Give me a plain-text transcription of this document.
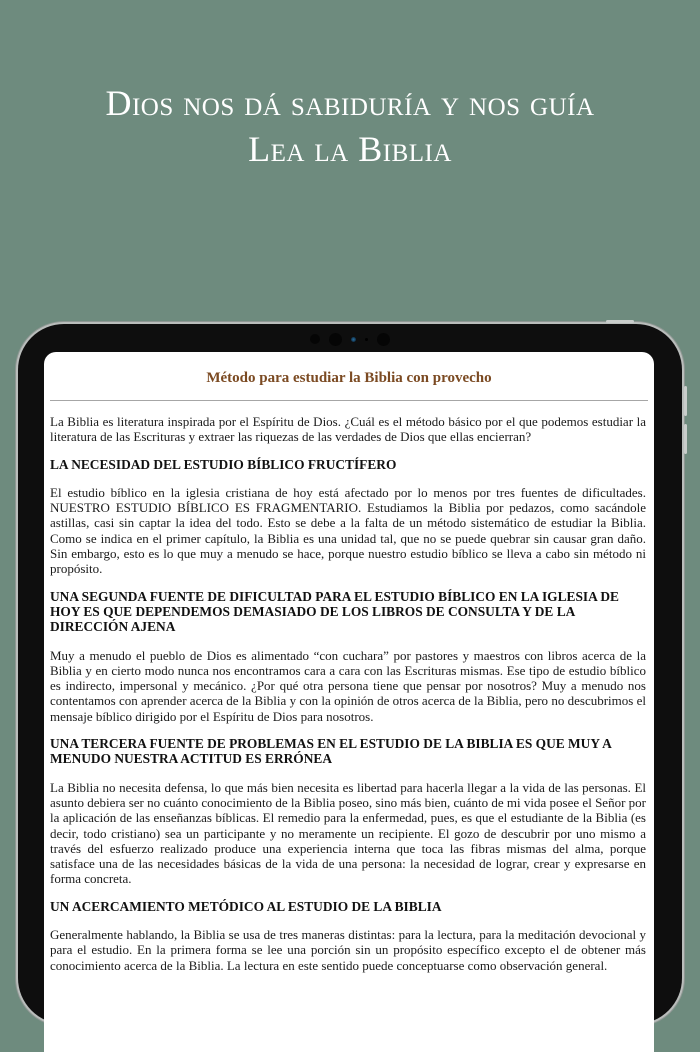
Dios nos dá sabiduría y nos guía
Lea la Biblia
Método para estudiar la Biblia con provecho

La Biblia es literatura inspirada por el Espíritu de Dios. ¿Cuál es el método básico por el que podemos estudiar la literatura de las Escrituras y extraer las riquezas de las verdades de Dios que ellas encierran?

LA NECESIDAD DEL ESTUDIO BÍBLICO FRUCTÍFERO

El estudio bíblico en la iglesia cristiana de hoy está afectado por lo menos por tres fuentes de dificultades. NUESTRO ESTUDIO BÍBLICO ES FRAGMENTARIO. Estudiamos la Biblia por pedazos, como sacándole astillas, casi sin captar la idea del todo. Esto se debe a la falta de un método sistemático de estudiar la Biblia. Como se indica en el primer capítulo, la Biblia es una unidad tal, que no se puede quebrar sin causar gran daño. Sin embargo, esto es lo que muy a menudo se hace, porque nuestro estudio bíblico se lleva a cabo sin método ni propósito.

UNA SEGUNDA FUENTE DE DIFICULTAD PARA EL ESTUDIO BÍBLICO EN LA IGLESIA DE HOY ES QUE DEPENDEMOS DEMASIADO DE LOS LIBROS DE CONSULTA Y DE LA DIRECCIÓN AJENA

Muy a menudo el pueblo de Dios es alimentado “con cuchara” por pastores y maestros con libros acerca de la Biblia y en cierto modo nunca nos encontramos cara a cara con las Escrituras mismas. Ese tipo de estudio bíblico es indirecto, impersonal y mecánico. ¿Por qué otra persona tiene que pensar por nosotros? Muy a menudo nos contentamos con aprender acerca de la Biblia y con la opinión de otros acerca de la Biblia, pero no descubrimos el mensaje bíblico dirigido por el Espíritu de Dios para nosotros.

UNA TERCERA FUENTE DE PROBLEMAS EN EL ESTUDIO DE LA BIBLIA ES QUE MUY A MENUDO NUESTRA ACTITUD ES ERRÓNEA

La Biblia no necesita defensa, lo que más bien necesita es libertad para hacerla llegar a la vida de las personas. El asunto debiera ser no cuánto conocimiento de la Biblia poseo, sino más bien, cuánto de mi vida posee el Señor por la aplicación de las enseñanzas bíblicas. El remedio para la enfermedad, pues, es que el estudiante de la Biblia (es decir, todo cristiano) sea un participante y no meramente un recipiente. El gozo de descubrir por uno mismo a través del esfuerzo realizado produce una experiencia interna que toca las fibras mismas del alma, porque satisface una de las necesidades básicas de la vida de una persona: la necesidad de lograr, crear y expresarse en forma concreta.

UN ACERCAMIENTO METÓDICO AL ESTUDIO DE LA BIBLIA

Generalmente hablando, la Biblia se usa de tres maneras distintas: para la lectura, para la meditación devocional y para el estudio. En la primera forma se lee una porción sin un propósito específico excepto el de obtener más conocimiento acerca de la Biblia. La lectura en este sentido puede conceptuarse como observación general.
